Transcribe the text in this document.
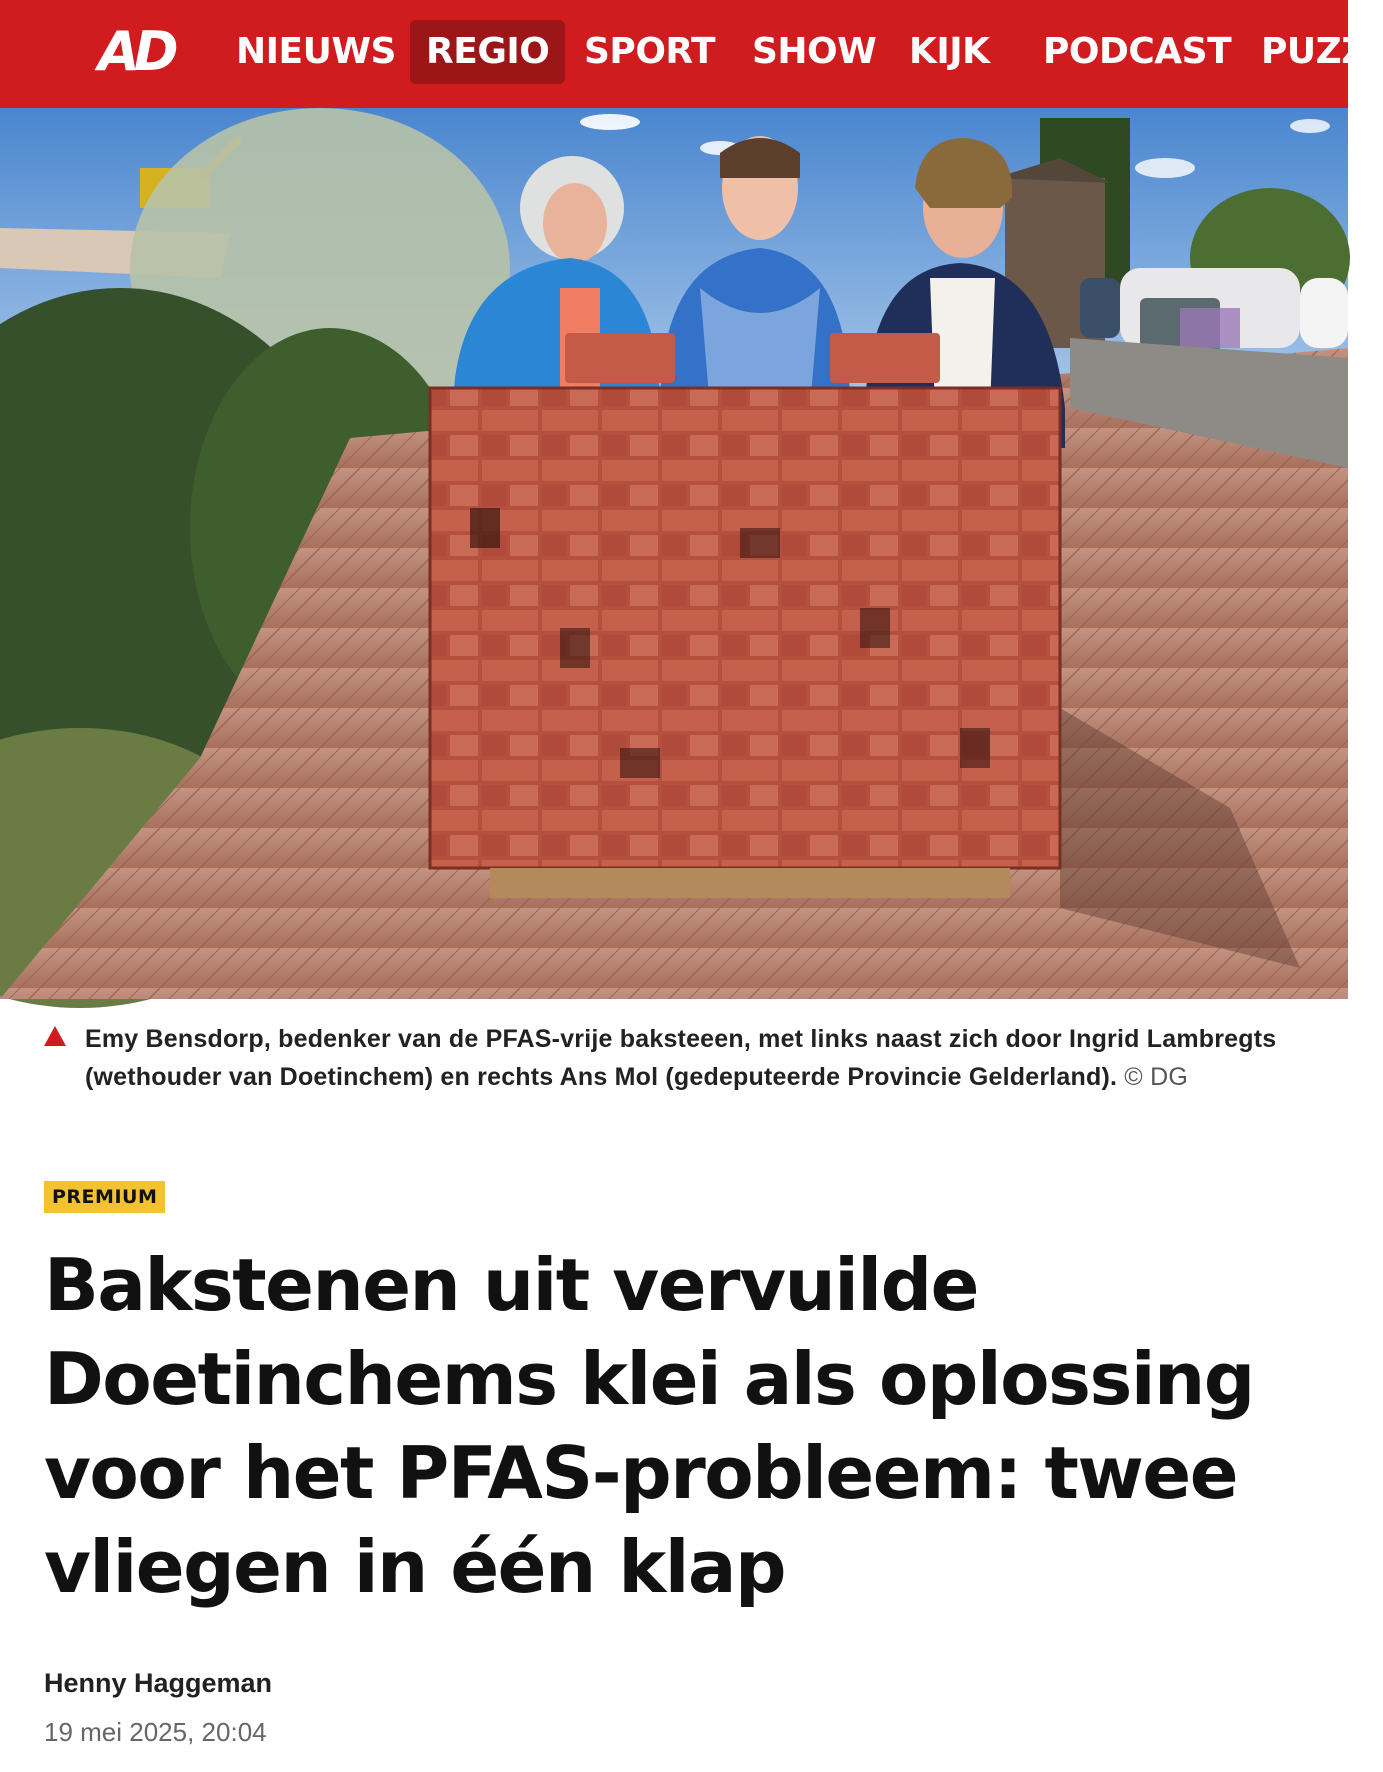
AD	NIEUWS REGIO SPORT	SHOW KIJK	PODCAST PUZZ
Emy Bensdorp, bedenker van de PFAS-vrije baksteeen, met links naast zich door Ingrid Lambregts (wethouder van Doetinchem) en rechts Ans Mol (gedeputeerde Provincie Gelderland). © DG
PREMIUM
Bakstenen uit vervuilde Doetinchems klei als oplossing voor het PFAS-probleem: twee vliegen in één klap
Henny Haggeman
19 mei 2025, 20:04
